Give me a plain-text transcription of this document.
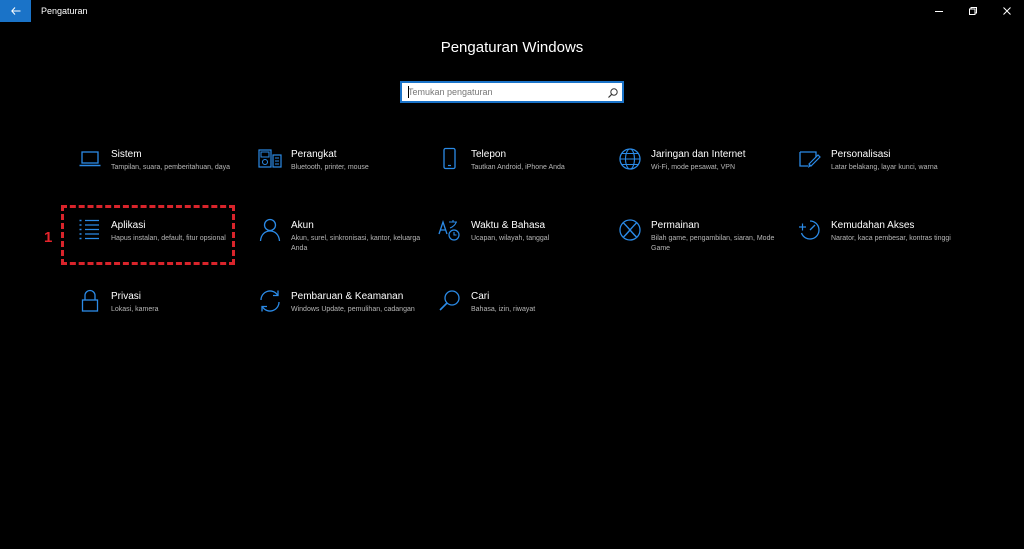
Pengaturan
Pengaturan Windows
Temukan pengaturan
Sistem
Tampilan, suara, pemberitahuan, daya
Perangkat
Bluetooth, printer, mouse
Telepon
Tautkan Android, iPhone Anda
Jaringan dan Internet
Wi-Fi, mode pesawat, VPN
Personalisasi
Latar belakang, layar kunci, warna
Aplikasi
Hapus instalan, default, fitur opsional
Akun
Akun, surel, sinkronisasi, kantor, keluarga Anda
Waktu & Bahasa
Ucapan, wilayah, tanggal
Permainan
Bilah game, pengambilan, siaran, Mode Game
Kemudahan Akses
Narator, kaca pembesar, kontras tinggi
Privasi
Lokasi, kamera
Pembaruan & Keamanan
Windows Update, pemulihan, cadangan
Cari
Bahasa, izin, riwayat
1
